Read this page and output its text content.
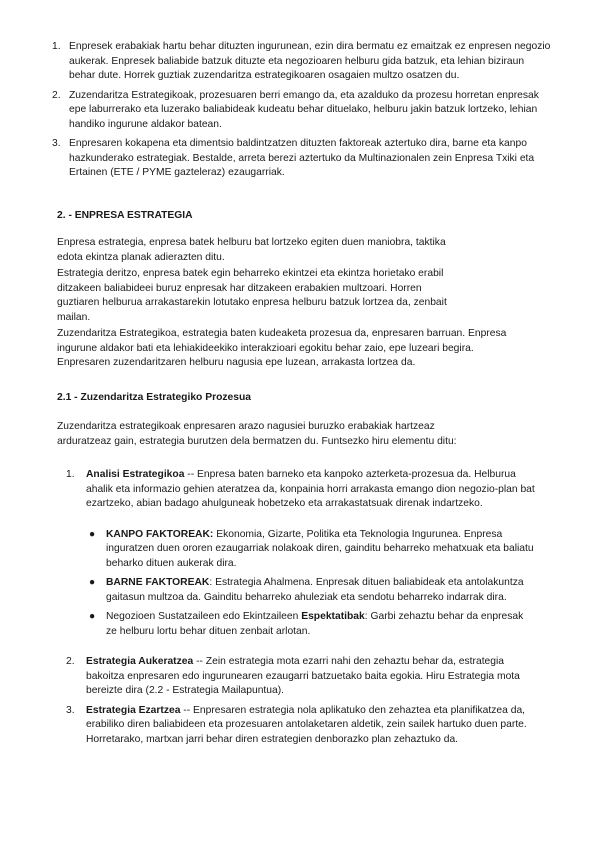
1. Enpresek erabakiak hartu behar dituzten ingurunean, ezin dira bermatu ez emaitzak ez enpresen negozio aukerak. Enpresek baliabide batzuk dituzte eta negozioaren helburu gida batzuk, eta lehian biziraun behar dute. Horrek guztiak zuzendaritza estrategikoaren osagaien multzo osatzen du.
2. Zuzendaritza Estrategikoak, prozesuaren berri emango da, eta azalduko da prozesu horretan enpresak epe laburrerako eta luzerako baliabideak kudeatu behar dituelako, helburu jakin batzuk lortzeko, lehian handiko ingurune aldakor batean.
3. Enpresaren kokapena eta dimentsio baldintzatzen dituzten faktoreak aztertuko dira, barne eta kanpo hazkunderako estrategiak. Bestalde, arreta berezi aztertuko da Multinazionalen zein Enpresa Txiki eta Ertainen (ETE / PYME gazteleraz) ezaugarriak.

2. - ENPRESA ESTRATEGIA

Enpresa estrategia, enpresa batek helburu bat lortzeko egiten duen maniobra, taktika edota ekintza planak adierazten ditu.

Estrategia deritzo, enpresa batek egin beharreko ekintzei eta ekintza horietako erabil ditzakeen baliabideei buruz enpresak har ditzakeen erabakien multzoari. Horren guztiaren helburua arrakastarekin lotutako enpresa helburu batzuk lortzea da, zenbait mailan.

Zuzendaritza Estrategikoa, estrategia baten kudeaketa prozesua da, enpresaren barruan. Enpresa ingurune aldakor bati eta lehiakideekiko interakzioari egokitu behar zaio, epe luzeari begira. Enpresaren zuzendaritzaren helburu nagusia epe luzean, arrakasta lortzea da.

2.1 - Zuzendaritza Estrategiko Prozesua

Zuzendaritza estrategikoak enpresaren arazo nagusiei buruzko erabakiak hartzeaz arduratzeaz gain, estrategia burutzen dela bermatzen du. Funtsezko hiru elementu ditu:

1. Analisi Estrategikoa -- Enpresa baten barneko eta kanpoko azterketa-prozesua da. Helburua ahalik eta informazio gehien ateratzea da, konpainia horri arrakasta emango dion negozio-plan bat ezartzeko, abian badago ahulguneak hobetzeko eta arrakastatsuak direnak indartzeko.
● KANPO FAKTOREAK: Ekonomia, Gizarte, Politika eta Teknologia Ingurunea. Enpresa inguratzen duen ororen ezaugarriak nolakoak diren, gainditu beharreko mehatxuak eta baliatu beharko dituen aukerak dira.
● BARNE FAKTOREAK: Estrategia Ahalmena. Enpresak dituen baliabideak eta antolakuntza gaitasun multzoa da. Gainditu beharreko ahuleziak eta sendotu beharreko indarrak dira.
● Negozioen Sustatzaileen edo Ekintzaileen Espektatibak: Garbi zehaztu behar da enpresak ze helburu lortu behar dituen zenbait arlotan.
2. Estrategia Aukeratzea -- Zein estrategia mota ezarri nahi den zehaztu behar da, estrategia bakoitza enpresaren edo ingurunearen ezaugarri batzuetako baita egokia. Hiru Estrategia mota bereizte dira (2.2 - Estrategia Mailapuntua).
3. Estrategia Ezartzea -- Enpresaren estrategia nola aplikatuko den zehaztea eta planifikatzea da, erabiliko diren baliabideen eta prozesuaren antolaketaren aldetik, zein sailek hartuko duen parte. Horretarako, martxan jarri behar diren estrategien denborazko plan zehaztuko da.
